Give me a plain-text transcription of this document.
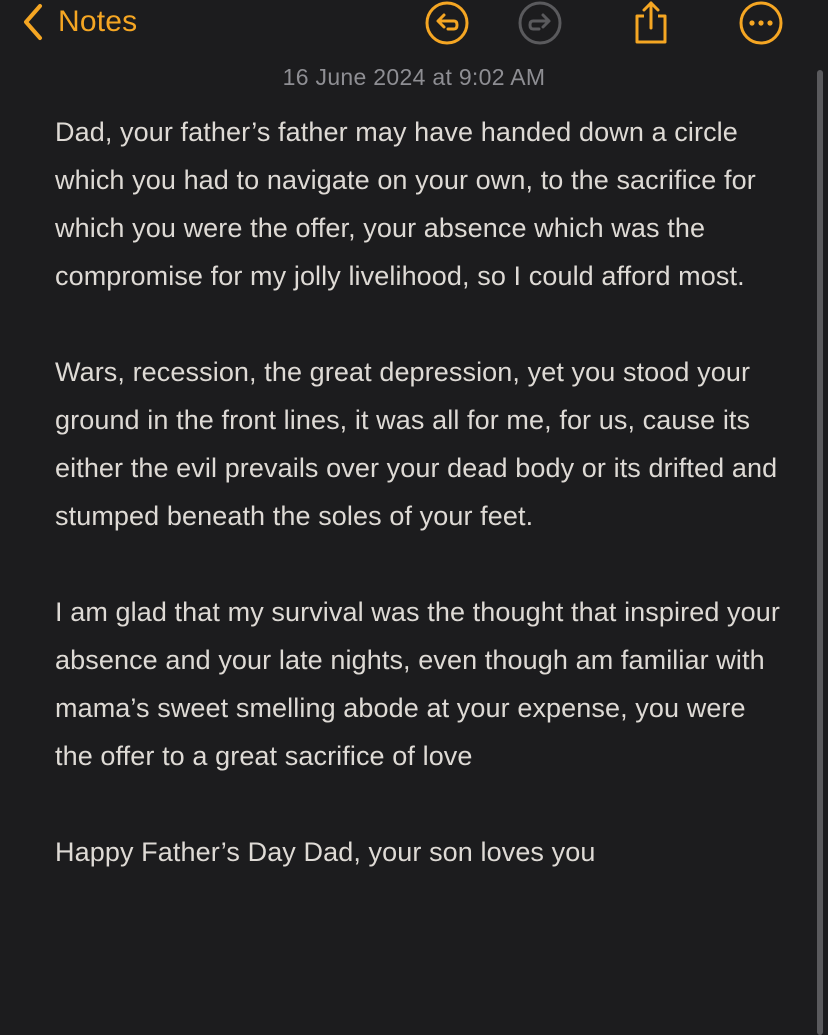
Notes
16 June 2024 at 9:02 AM

Dad, your father’s father may have handed down a circle which you had to navigate on your own, to the sacrifice for which you were the offer, your absence which was the compromise for my jolly livelihood, so I could afford most.

Wars, recession, the great depression, yet you stood your ground in the front lines, it was all for me, for us, cause its either the evil prevails over your dead body or its drifted and stumped beneath the soles of your feet.

I am glad that my survival was the thought that inspired your absence and your late nights, even though am familiar with mama’s sweet smelling abode at your expense, you were the offer to a great sacrifice of love

Happy Father’s Day Dad, your son loves you
